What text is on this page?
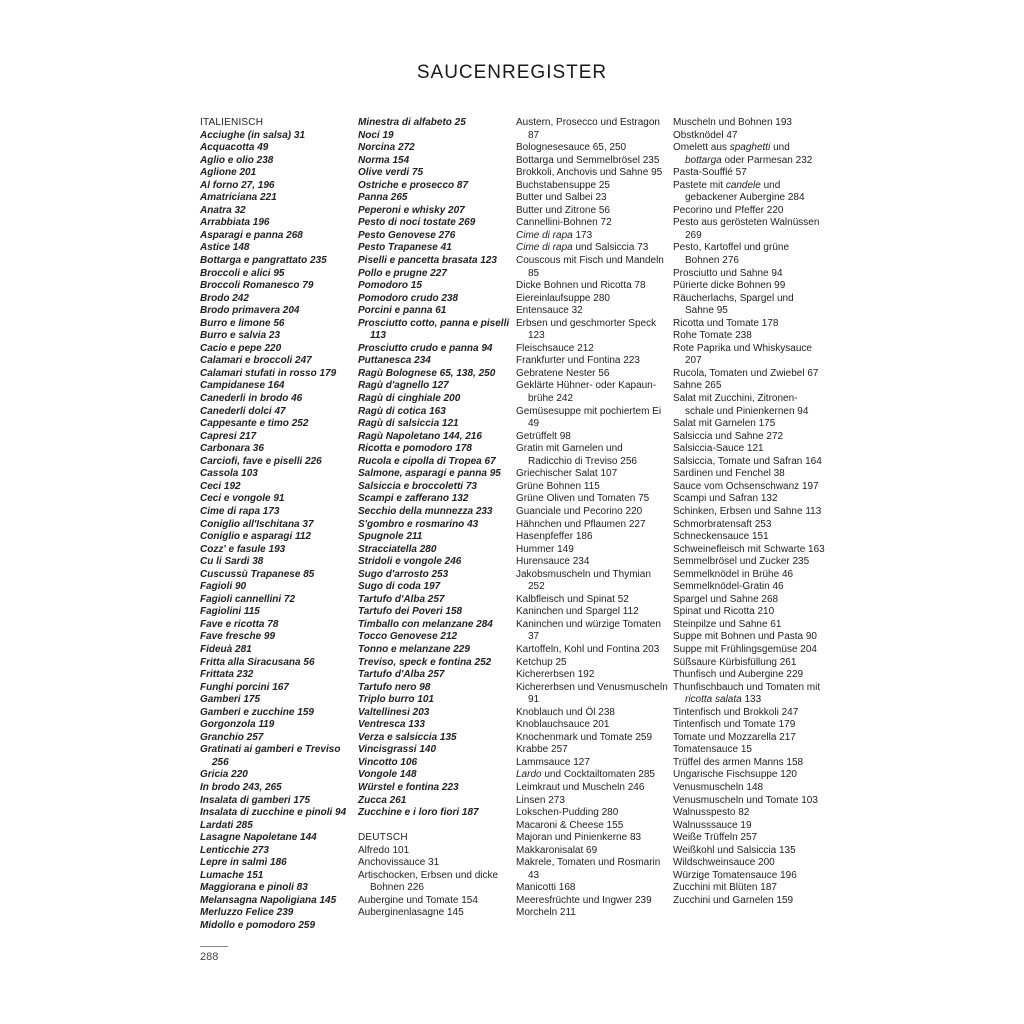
SAUCENREGISTER
ITALIENISCH
Acciughe (in salsa) 31
Acquacotta 49
Aglio e olio 238
Aglione 201
Al forno 27, 196
Amatriciana 221
Anatra 32
Arrabbiata 196
Asparagi e panna 268
Astice 148
Bottarga e pangrattato 235
Broccoli e alici 95
Broccoli Romanesco 79
Brodo 242
Brodo primavera 204
Burro e limone 56
Burro e salvia 23
Cacio e pepe 220
Calamari e broccoli 247
Calamari stufati in rosso 179
Campidanese 164
Canederli in brodo 46
Canederli dolci 47
Cappesante e timo 252
Capresi 217
Carbonara 36
Carciofi, fave e piselli 226
Cassola 103
Ceci 192
Ceci e vongole 91
Cime di rapa 173
Coniglio all'Ischitana 37
Coniglio e asparagi 112
Cozz' e fasule 193
Cu li Sardi 38
Cuscussù Trapanese 85
Fagioli 90
Fagioli cannellini 72
Fagiolini 115
Fave e ricotta 78
Fave fresche 99
Fideuà 281
Fritta alla Siracusana 56
Frittata 232
Funghi porcini 167
Gamberi 175
Gamberi e zucchine 159
Gorgonzola 119
Granchio 257
Gratinati ai gamberi e Treviso 256
Gricia 220
In brodo 243, 265
Insalata di gamberi 175
Insalata di zucchine e pinoli 94
Lardati 285
Lasagne Napoletane 144
Lenticchie 273
Lepre in salmì 186
Lumache 151
Maggiorana e pinoli 83
Melansagna Napoligiana 145
Merluzzo Felice 239
Midollo e pomodoro 259
Minestra di alfabeto 25
Noci 19
Norcina 272
Norma 154
Olive verdi 75
Ostriche e prosecco 87
Panna 265
Peperoni e whisky 207
Pesto di noci tostate 269
Pesto Genovese 276
Pesto Trapanese 41
Piselli e pancetta brasata 123
Pollo e prugne 227
Pomodoro 15
Pomodoro crudo 238
Porcini e panna 61
Prosciutto cotto, panna e piselli 113
Prosciutto crudo e panna 94
Puttanesca 234
Ragù Bolognese 65, 138, 250
Ragù d'agnello 127
Ragù di cinghiale 200
Ragù di cotica 163
Ragù di salsiccia 121
Ragù Napoletano 144, 216
Ricotta e pomodoro 178
Rucola e cipolla di Tropea 67
Salmone, asparagi e panna 95
Salsiccia e broccoletti 73
Scampi e zafferano 132
Secchio della munnezza 233
S'gombro e rosmarino 43
Spugnole 211
Stracciatella 280
Stridoli e vongole 246
Sugo d'arrosto 253
Sugo di coda 197
Tartufo d'Alba 257
Tartufo dei Poveri 158
Timballo con melanzane 284
Tocco Genovese 212
Tonno e melanzane 229
Treviso, speck e fontina 252
Tartufo d'Alba 257
Tartufo nero 98
Triplo burro 101
Valtellinesi 203
Ventresca 133
Verza e salsiccia 135
Vincisgrassi 140
Vincotto 106
Vongole 148
Würstel e fontina 223
Zucca 261
Zucchine e i loro fiori 187
DEUTSCH
Alfredo 101
Anchovissauce 31
Artischocken, Erbsen und dicke Bohnen 226
Aubergine und Tomate 154
Auberginenlasagne 145
Austern, Prosecco und Estragon 87
Bolognesesauce 65, 250
Bottarga und Semmelbrösel 235
Brokkoli, Anchovis und Sahne 95
Buchstabensuppe 25
Butter und Salbei 23
Butter und Zitrone 56
Cannellini-Bohnen 72
Cime di rapa 173
Cime di rapa und Salsiccia 73
Couscous mit Fisch und Mandeln 85
Dicke Bohnen und Ricotta 78
Eiereinlaufsuppe 280
Entensauce 32
Erbsen und geschmorter Speck 123
Fleischsauce 212
Frankfurter und Fontina 223
Gebratene Nester 56
Geklärte Hühner- oder Kapaun-brühe 242
Gemüsesuppe mit pochiertem Ei 49
Getrüffelt 98
Gratin mit Garnelen und Radicchio di Treviso 256
Griechischer Salat 107
Grüne Bohnen 115
Grüne Oliven und Tomaten 75
Guanciale und Pecorino 220
Hähnchen und Pflaumen 227
Hasenpfeffer 186
Hummer 149
Hurensauce 234
Jakobsmuscheln und Thymian 252
Kalbfleisch und Spinat 52
Kaninchen und Spargel 112
Kaninchen und würzige Tomaten 37
Kartoffeln, Kohl und Fontina 203
Ketchup 25
Kichererbsen 192
Kichererbsen und Venusmuscheln 91
Knoblauch und Öl 238
Knoblauchsauce 201
Knochenmark und Tomate 259
Krabbe 257
Lammsauce 127
Lardo und Cocktailtomaten 285
Leimkraut und Muscheln 246
Linsen 273
Lokschen-Pudding 280
Macaroni & Cheese 155
Majoran und Pinienkerne 83
Makkaronisalat 69
Makrele, Tomaten und Rosmarin 43
Manicotti 168
Meeresfrüchte und Ingwer 239
Morcheln 211
Muscheln und Bohnen 193
Obstknödel 47
Omelett aus spaghetti und bottarga oder Parmesan 232
Pasta-Soufflé 57
Pastete mit candele und gebackener Aubergine 284
Pecorino und Pfeffer 220
Pesto aus gerösteten Walnüssen 269
Pesto, Kartoffel und grüne Bohnen 276
Prosciutto und Sahne 94
Pürierte dicke Bohnen 99
Räucherlachs, Spargel und Sahne 95
Ricotta und Tomate 178
Rohe Tomate 238
Rote Paprika und Whiskysauce 207
Rucola, Tomaten und Zwiebel 67
Sahne 265
Salat mit Zucchini, Zitronen-schale und Pinienkernen 94
Salat mit Garnelen 175
Salsiccia und Sahne 272
Salsiccia-Sauce 121
Salsiccia, Tomate und Safran 164
Sardinen und Fenchel 38
Sauce vom Ochsenschwanz 197
Scampi und Safran 132
Schinken, Erbsen und Sahne 113
Schmorbratensaft 253
Schneckensauce 151
Schweinefleisch mit Schwarte 163
Semmelbrösel und Zucker 235
Semmelknödel in Brühe 46
Semmelknödel-Gratin 46
Spargel und Sahne 268
Spinat und Ricotta 210
Steinpilze und Sahne 61
Suppe mit Bohnen und Pasta 90
Suppe mit Frühlingsgemüse 204
Süßsaure Kürbisfüllung 261
Thunfisch und Aubergine 229
Thunfischbauch und Tomaten mit ricotta salata 133
Tintenfisch und Brokkoli 247
Tintenfisch und Tomate 179
Tomate und Mozzarella 217
Tomatensauce 15
Trüffel des armen Manns 158
Ungarische Fischsuppe 120
Venusmuscheln 148
Venusmuscheln und Tomate 103
Walnusspesto 82
Walnusssauce 19
Weiße Trüffeln 257
Weißkohl und Salsiccia 135
Wildschweinsauce 200
Würzige Tomatensauce 196
Zucchini mit Blüten 187
Zucchini und Garnelen 159
288
